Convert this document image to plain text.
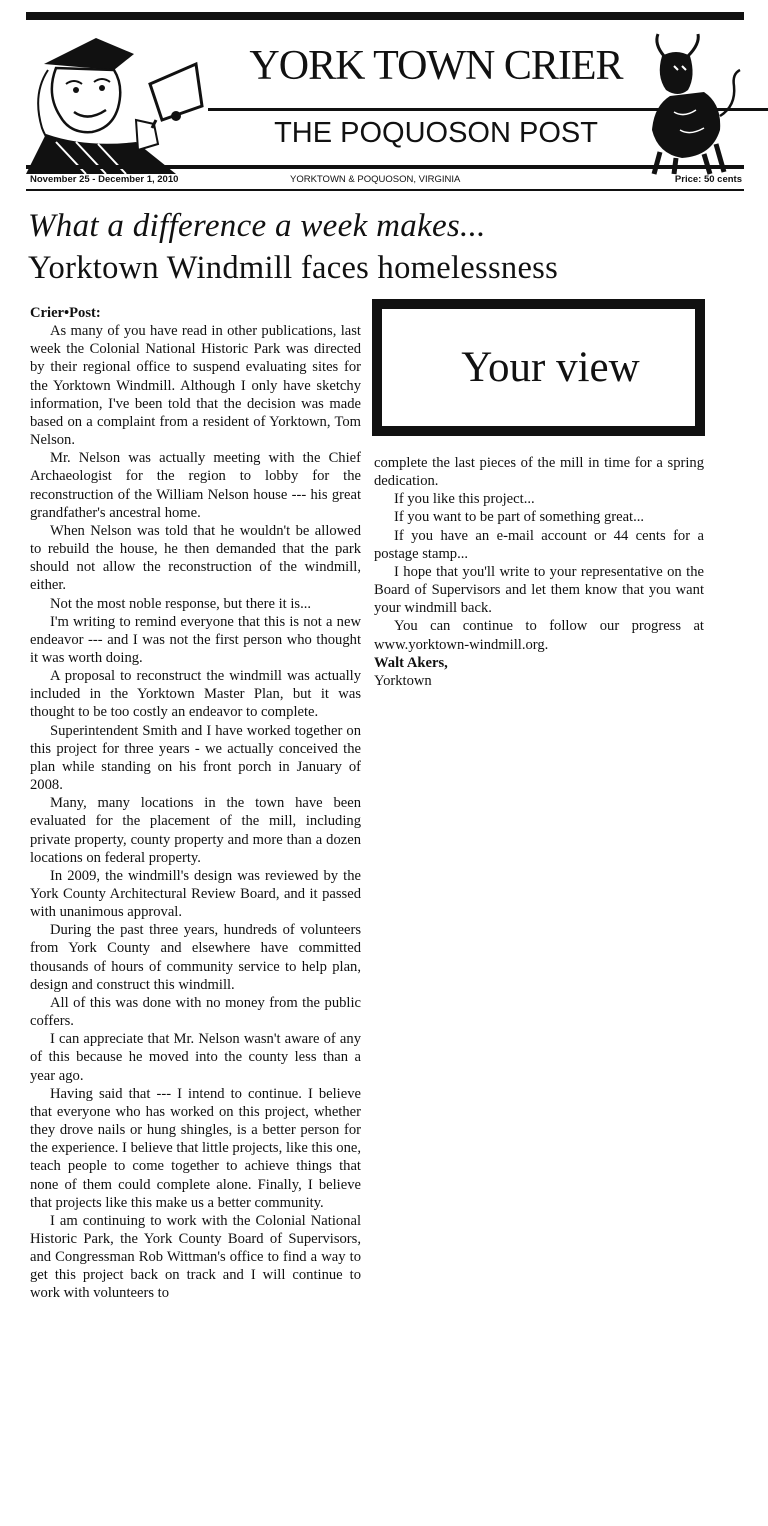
YORK TOWN CRIER
THE POQUOSON POST
November 25 - December 1, 2010	YORKTOWN & POQUOSON, VIRGINIA	Price: 50 cents
What a difference a week makes...
Yorktown Windmill faces homelessness

Crier•Post:

As many of you have read in other publications, last week the Colonial National Historic Park was directed by their regional office to suspend evaluating sites for the Yorktown Windmill. Although I only have sketchy information, I've been told that the decision was made based on a complaint from a resident of Yorktown, Tom Nelson.

Mr. Nelson was actually meeting with the Chief Archaeologist for the region to lobby for the reconstruction of the William Nelson house --- his great grandfather's ancestral home.

When Nelson was told that he wouldn't be allowed to rebuild the house, he then demanded that the park should not allow the reconstruction of the windmill, either.

Not the most noble response, but there it is...

I'm writing to remind everyone that this is not a new endeavor --- and I was not the first person who thought it was worth doing.

A proposal to reconstruct the windmill was actually included in the Yorktown Master Plan, but it was thought to be too costly an endeavor to complete.

Superintendent Smith and I have worked together on this project for three years - we actually conceived the plan while standing on his front porch in January of 2008.

Many, many locations in the town have been evaluated for the placement of the mill, including private property, county property and more than a dozen locations on federal property.

In 2009, the windmill's design was reviewed by the York County Architectural Review Board, and it passed with unanimous approval.

During the past three years, hundreds of volunteers from York County and elsewhere have committed thousands of hours of community service to help plan, design and construct this windmill.

All of this was done with no money from the public coffers.

I can appreciate that Mr. Nelson wasn't aware of any of this because he moved into the county less than a year ago.

Having said that --- I intend to continue. I believe that everyone who has worked on this project, whether they drove nails or hung shingles, is a better person for the experience. I believe that little projects, like this one, teach people to come together to achieve things that none of them could complete alone. Finally, I believe that projects like this make us a better community.

I am continuing to work with the Colonial National Historic Park, the York County Board of Supervisors, and Congressman Rob Wittman's office to find a way to get this project back on track and I will continue to work with volunteers to

Your view

complete the last pieces of the mill in time for a spring dedication.

If you like this project...

If you want to be part of something great...

If you have an e-mail account or 44 cents for a postage stamp...

I hope that you'll write to your representative on the Board of Supervisors and let them know that you want your windmill back.

You can continue to follow our progress at www.yorktown-windmill.org.

Walt Akers,

Yorktown
